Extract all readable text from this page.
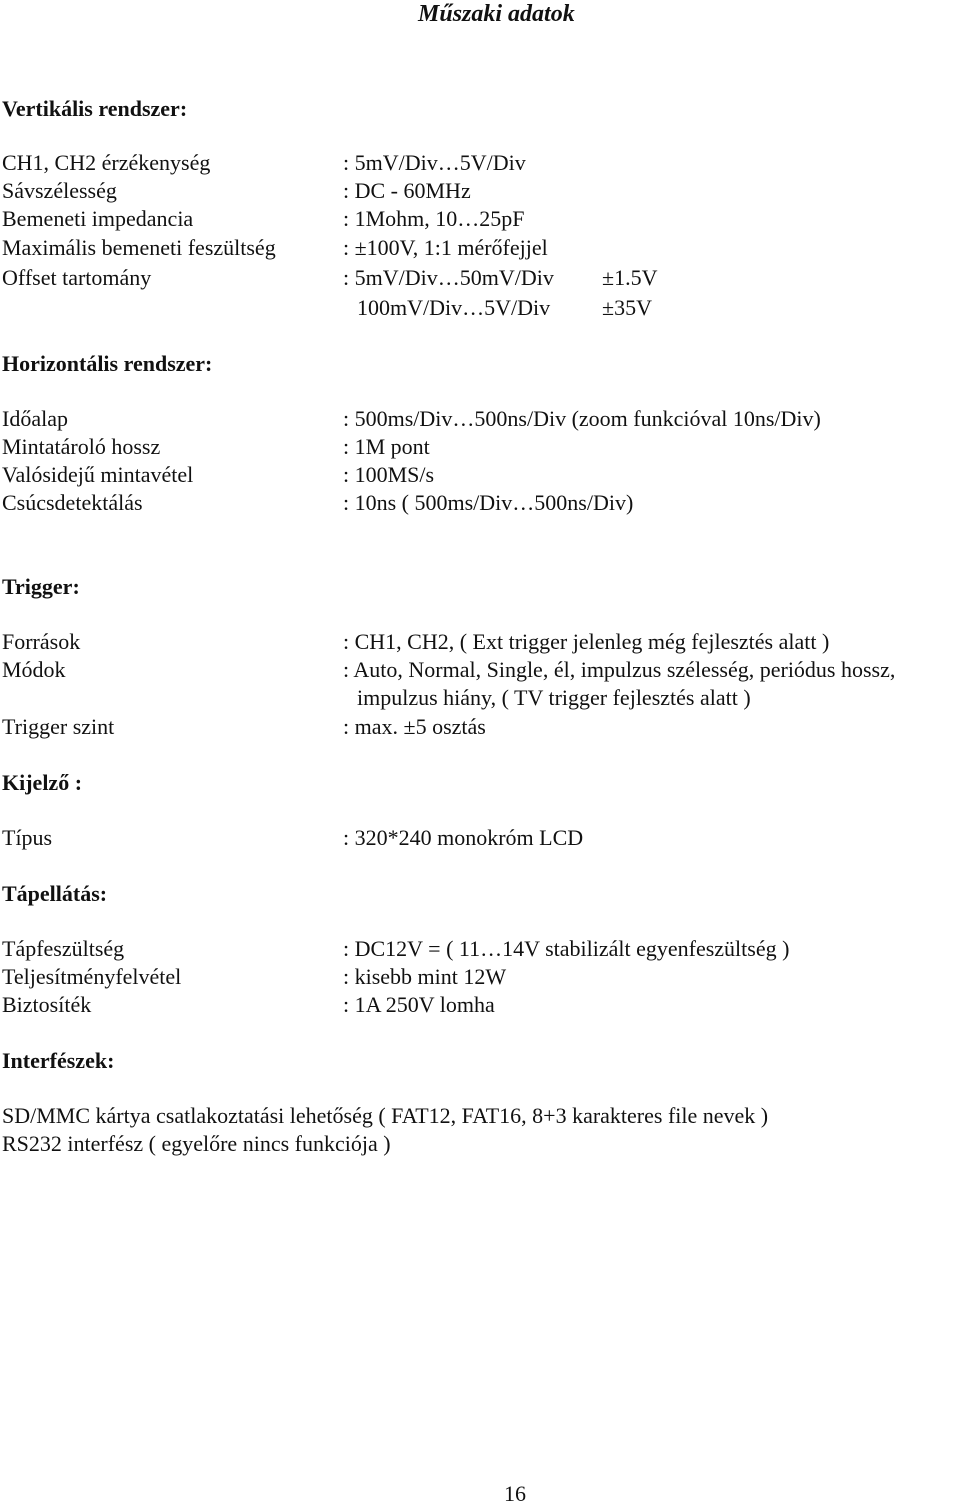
Műszaki adatok
Vertikális rendszer:
CH1, CH2 érzékenység	: 5mV/Div…5V/Div
Sávszélesség	: DC - 60MHz
Bemeneti impedancia	: 1Mohm, 10…25pF
Maximális bemeneti feszültség	: ±100V, 1:1 mérőfejjel
Offset tartomány	: 5mV/Div…50mV/Div ±1.5V
100mV/Div…5V/Div ±35V
Horizontális rendszer:
Időalap	: 500ms/Div…500ns/Div (zoom funkcióval 10ns/Div)
Mintatároló hossz	: 1M pont
Valósidejű mintavétel	: 100MS/s
Csúcsdetektálás	: 10ns ( 500ms/Div…500ns/Div)
Trigger:
Források	: CH1, CH2, ( Ext trigger jelenleg még fejlesztés alatt )
Módok	: Auto, Normal, Single, él, impulzus szélesség, periódus hossz,
impulzus hiány, ( TV trigger fejlesztés alatt )
Trigger szint	: max. ±5 osztás
Kijelző :
Típus	: 320*240 monokróm LCD
Tápellátás:
Tápfeszültség	: DC12V = ( 11…14V stabilizált egyenfeszültség )
Teljesítményfelvétel	: kisebb mint 12W
Biztosíték	: 1A 250V lomha
Interfészek:
SD/MMC kártya csatlakoztatási lehetőség ( FAT12, FAT16, 8+3 karakteres file nevek )
RS232 interfész ( egyelőre nincs funkciója )
16
